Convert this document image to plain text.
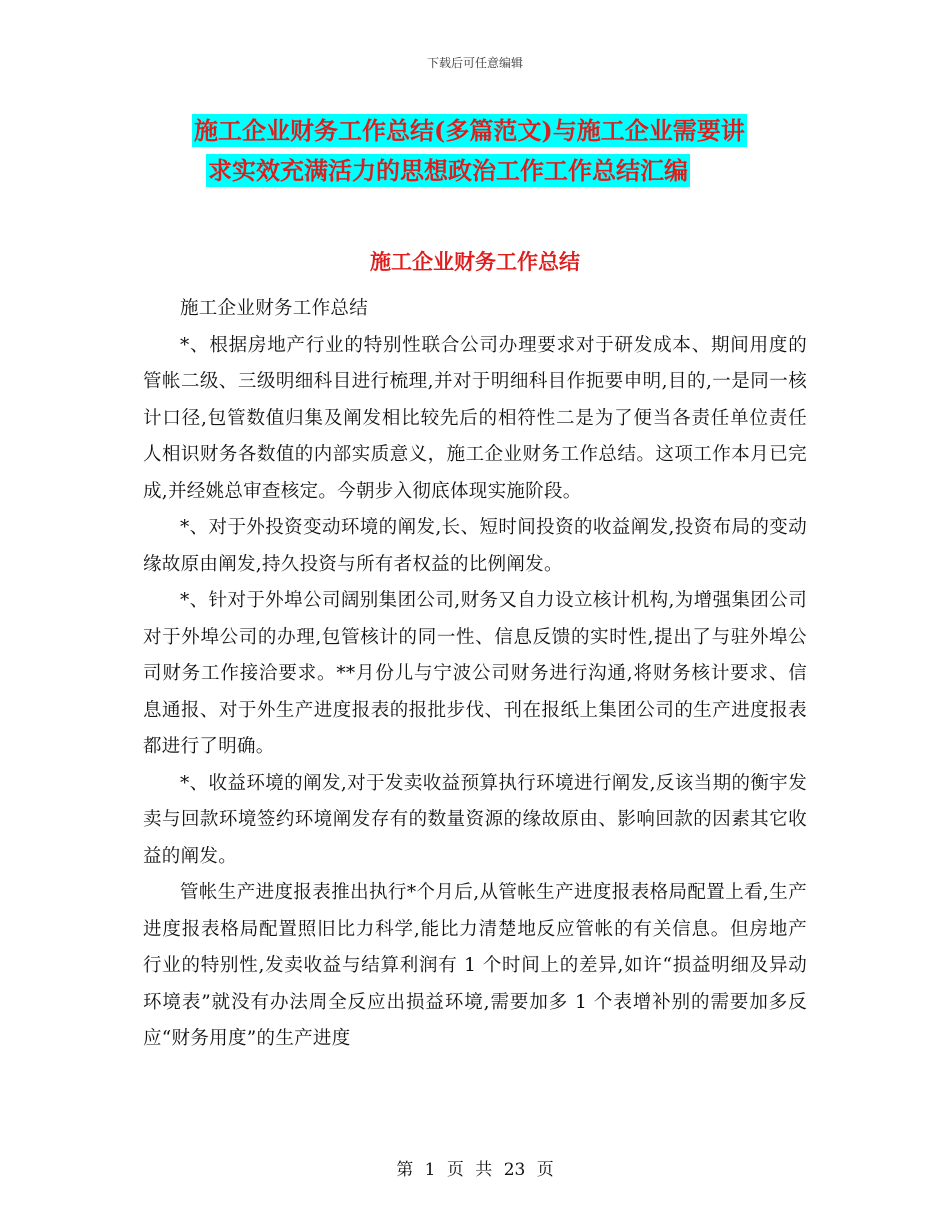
下载后可任意编辑
施工企业财务工作总结(多篇范文)与施工企业需要讲
求实效充满活力的思想政治工作工作总结汇编
施工企业财务工作总结

施工企业财务工作总结

*、根据房地产行业的特别性联合公司办理要求对于研发成本、期间用度的管帐二级、三级明细科目进行梳理,并对于明细科目作扼要申明,目的,一是同一核计口径,包管数值归集及阐发相比较先后的相符性二是为了便当各责任单位责任人相识财务各数值的内部实质意义，施工企业财务工作总结。这项工作本月已完成,并经姚总审查核定。今朝步入彻底体现实施阶段。

*、对于外投资变动环境的阐发,长、短时间投资的收益阐发,投资布局的变动缘故原由阐发,持久投资与所有者权益的比例阐发。

*、针对于外埠公司阔别集团公司,财务又自力设立核计机构,为增强集团公司对于外埠公司的办理,包管核计的同一性、信息反馈的实时性,提出了与驻外埠公司财务工作接洽要求。**月份儿与宁波公司财务进行沟通,将财务核计要求、信息通报、对于外生产进度报表的报批步伐、刊在报纸上集团公司的生产进度报表都进行了明确。

*、收益环境的阐发,对于发卖收益预算执行环境进行阐发,反该当期的衡宇发卖与回款环境签约环境阐发存有的数量资源的缘故原由、影响回款的因素其它收益的阐发。

管帐生产进度报表推出执行*个月后,从管帐生产进度报表格局配置上看,生产进度报表格局配置照旧比力科学,能比力清楚地反应管帐的有关信息。但房地产行业的特别性,发卖收益与结算利润有 1 个时间上的差异,如许“损益明细及异动环境表”就没有办法周全反应出损益环境,需要加多 1 个表增补别的需要加多反应“财务用度”的生产进度

第 1 页 共 23 页
